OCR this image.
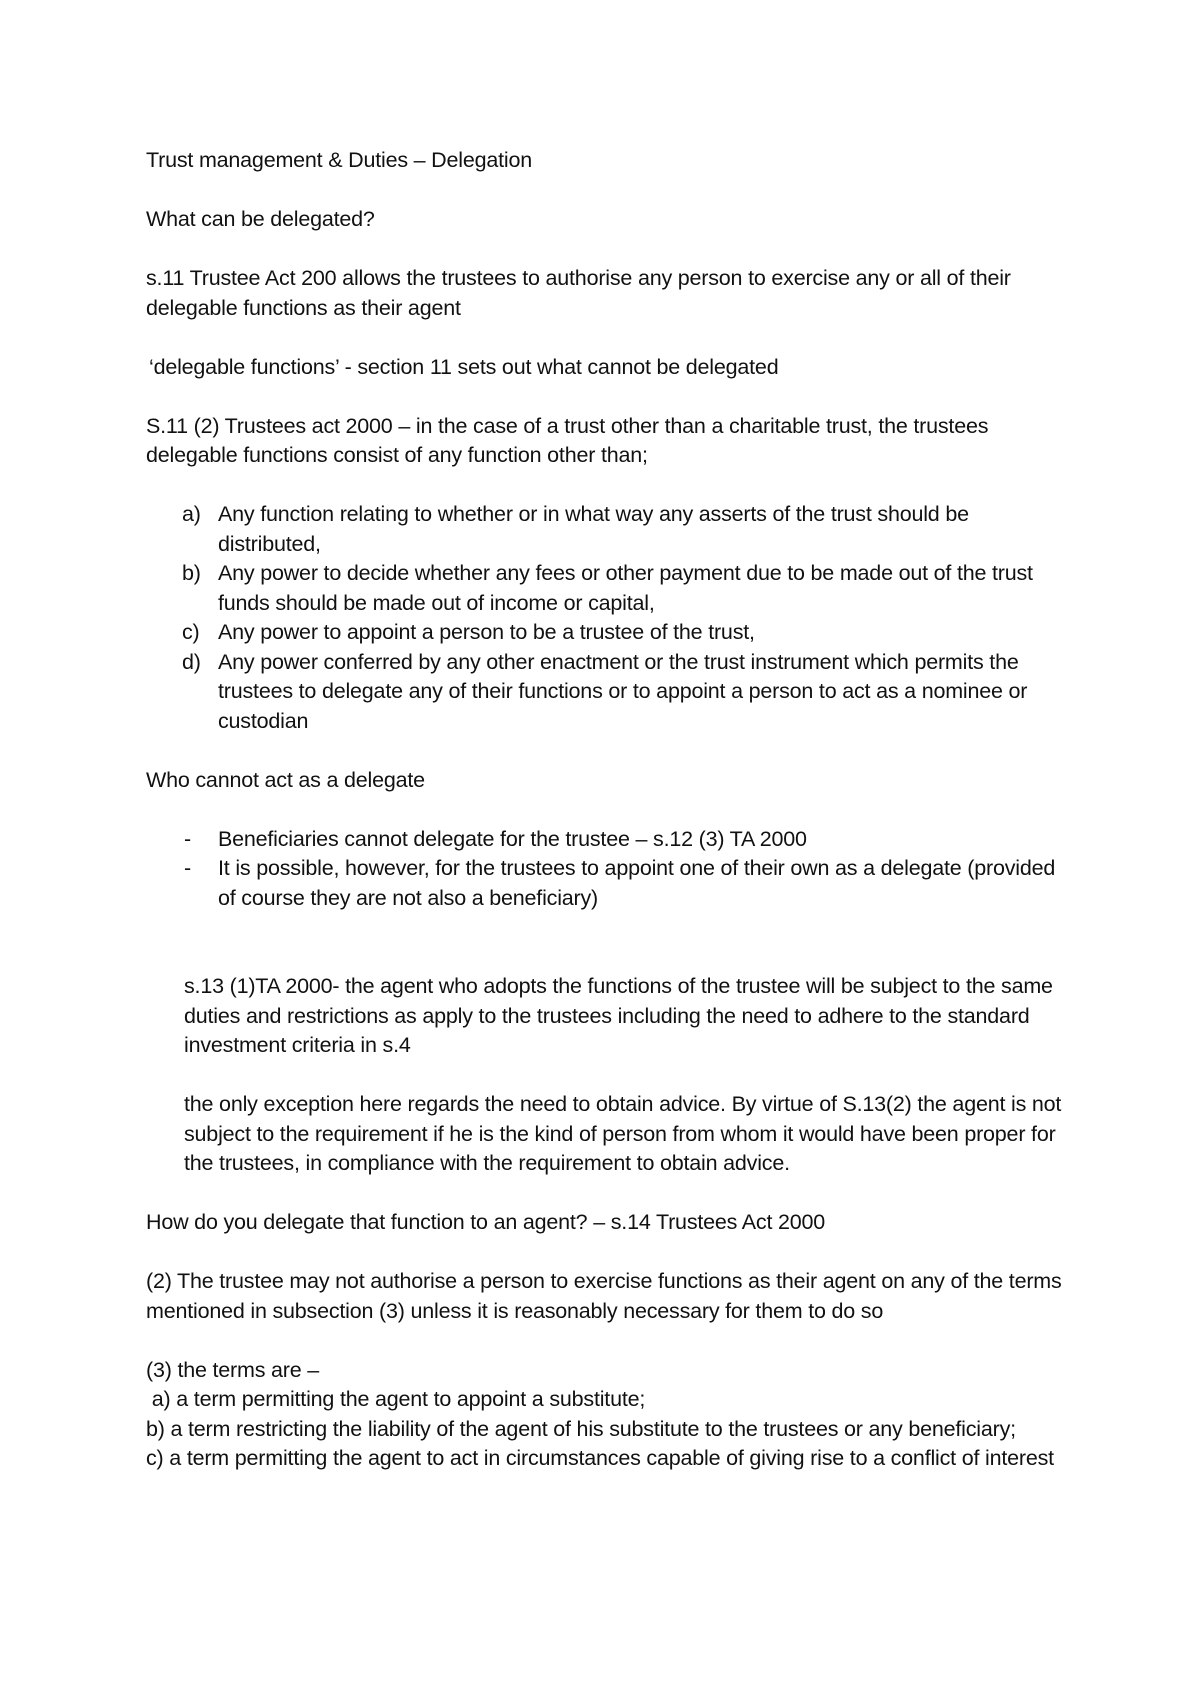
Trust management & Duties – Delegation

What can be delegated?

s.11 Trustee Act 200 allows the trustees to authorise any person to exercise any or all of their delegable functions as their agent

‘delegable functions’ - section 11 sets out what cannot be delegated

S.11 (2) Trustees act 2000 – in the case of a trust other than a charitable trust, the trustees delegable functions consist of any function other than;

a) Any function relating to whether or in what way any asserts of the trust should be distributed,
b) Any power to decide whether any fees or other payment due to be made out of the trust funds should be made out of income or capital,
c) Any power to appoint a person to be a trustee of the trust,
d) Any power conferred by any other enactment or the trust instrument which permits the trustees to delegate any of their functions or to appoint a person to act as a nominee or custodian

Who cannot act as a delegate

- Beneficiaries cannot delegate for the trustee – s.12 (3) TA 2000
- It is possible, however, for the trustees to appoint one of their own as a delegate (provided of course they are not also a beneficiary)

s.13 (1)TA 2000- the agent who adopts the functions of the trustee will be subject to the same duties and restrictions as apply to the trustees including the need to adhere to the standard investment criteria in s.4

the only exception here regards the need to obtain advice. By virtue of S.13(2) the agent is not subject to the requirement if he is the kind of person from whom it would have been proper for the trustees, in compliance with the requirement to obtain advice.

How do you delegate that function to an agent? – s.14 Trustees Act 2000

(2) The trustee may not authorise a person to exercise functions as their agent on any of the terms mentioned in subsection (3) unless it is reasonably necessary for them to do so

(3) the terms are –

a) a term permitting the agent to appoint a substitute;

b) a term restricting the liability of the agent of his substitute to the trustees or any beneficiary;

c) a term permitting the agent to act in circumstances capable of giving rise to a conflict of interest
